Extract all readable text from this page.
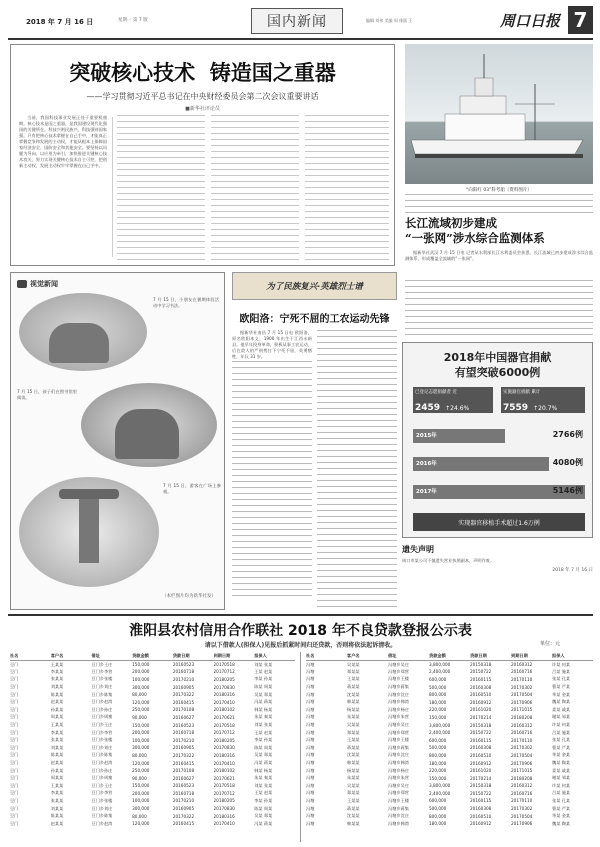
2018 年 7 月 16 日	星期一 第 7 版	国内新闻	编辑 刘伟 美编 周 排版 王	周口日报 7
突破核心技术  铸造国之重器
——学习贯彻习近平总书记在中央财经委员会第二次会议重要讲话
■新华社评论员

当前，我国科技事业发展正处于重要机遇期。核心技术是国之重器，是我国建设现代化强国的关键所在。科技兴则民族兴，科技强则国家强。只有把核心技术掌握在自己手中，才能真正掌握竞争和发展的主动权，才能从根本上保障国家经济安全、国防安全和其他安全。要坚持以问题为导向，以应用为牵引，加快推进关键核心技术攻关，努力实现关键核心技术自主可控，把创新主动权、发展主动权牢牢掌握在自己手中。

“向阳红 03”科考船（资料图片）
长江流域初步建成
“一张网”涉水综合监测体系

据新华社武汉 7 月 15 日电 记者从水利部长江水利委员会获悉，长江流域已初步建成涉水综合监测体系，形成覆盖全流域的“一张网”。

视觉新闻
7 月 15 日，小朋友在暑期体验活动中学习书法。
7 月 15 日，孩子们在图书馆里阅读。
7 月 15 日，游客在广场上参观。
（本栏图片均为新华社发）
为了民族复兴·英雄烈士谱
欧阳洛：宁死不屈的工农运动先锋

据新华社南昌 7 月 15 日电 欧阳洛，原名欧阳本义，1900 年出生于江西永新县。他早年投身革命，积极从事工农运动，后在敌人的严刑拷打下宁死不屈，英勇牺牲，年仅 31 岁。	2018年中国器官捐献
有望突破6000例
已登记志愿捐献者 近
2459 ↑24.6%
实施器官捐献 累计
7559 ↑20.7%
2015年	2766例
2016年	4080例
2017年	5146例
实现器官移植手术超过1.6万例
遗失声明
周口市某公司不慎遗失营业执照副本，声明作废。
2018 年 7 月 16 日
淮阳县农村信用合作联社 2018 年不良贷款登报公示表
请以下借款人(担保人)见报后抓紧时间归还贷款，否则将依法起诉清收。	单位：元
社名	客户名	借址	贷款金额	贷款日期	到期日期	担保人
豆门	王某某	豆门乡王庄	150,000	20160523	20170518	刘某 张某
豆门	李某某	豆门乡李营	200,000	20160718	20170712	王某 赵某
豆门	张某某	豆门乡张楼	100,000	20170210	20180205	李某 孙某
豆门	刘某某	豆门乡刘庄	300,000	20160905	20170830	陈某 周某
豆门	陈某某	豆门乡陈集	80,000	20170322	20180316	吴某 郑某
豆门	赵某某	豆门乡赵湾	120,000	20160415	20170410	冯某 蒋某
豆门	孙某某	豆门乡孙庄	250,000	20170108	20180102	韩某 杨某
豆门	周某某	豆门乡周寨	90,000	20160627	20170621	朱某 秦某
豆门	王某某	豆门乡王庄	150,000	20160523	20170518	刘某 张某
豆门	李某某	豆门乡李营	200,000	20160718	20170712	王某 赵某
豆门	张某某	豆门乡张楼	100,000	20170210	20180205	李某 孙某
豆门	刘某某	豆门乡刘庄	300,000	20160905	20170830	陈某 周某
豆门	陈某某	豆门乡陈集	80,000	20170322	20180316	吴某 郑某
豆门	赵某某	豆门乡赵湾	120,000	20160415	20170410	冯某 蒋某
豆门	孙某某	豆门乡孙庄	250,000	20170108	20180102	韩某 杨某
豆门	周某某	豆门乡周寨	90,000	20160627	20170621	朱某 秦某
豆门	王某某	豆门乡王庄	150,000	20160523	20170518	刘某 张某
豆门	李某某	豆门乡李营	200,000	20160718	20170712	王某 赵某
豆门	张某某	豆门乡张楼	100,000	20170210	20180205	李某 孙某
豆门	刘某某	豆门乡刘庄	300,000	20160905	20170830	陈某 周某
豆门	陈某某	豆门乡陈集	80,000	20170322	20180316	吴某 郑某
豆门	赵某某	豆门乡赵湾	120,000	20160415	20170410	冯某 蒋某
社名	客户名	借址	贷款金额	贷款日期	到期日期	担保人
冯塘	吴某某	冯塘乡吴庄	3,800,000	20150318	20160312	许某 何某
冯塘	郑某某	冯塘乡郑营	2,400,000	20150722	20160716	吕某 施某
冯塘	王某某	冯塘乡王楼	600,000	20160115	20170110	张某 孔某
冯塘	蒋某某	冯塘乡蒋集	500,000	20160308	20170302	曹某 严某
冯塘	沈某某	冯塘乡沈庄	800,000	20160510	20170504	华某 金某
冯塘	韩某某	冯塘乡韩湾	180,000	20160912	20170906	魏某 陶某
冯塘	杨某某	冯塘乡杨庄	220,000	20161020	20171015	姜某 戚某
冯塘	朱某某	冯塘乡朱营	150,000	20170214	20180208	谢某 邹某
冯塘	吴某某	冯塘乡吴庄	3,800,000	20150318	20160312	许某 何某
冯塘	郑某某	冯塘乡郑营	2,400,000	20150722	20160716	吕某 施某
冯塘	王某某	冯塘乡王楼	600,000	20160115	20170110	张某 孔某
冯塘	蒋某某	冯塘乡蒋集	500,000	20160308	20170302	曹某 严某
冯塘	沈某某	冯塘乡沈庄	800,000	20160510	20170504	华某 金某
冯塘	韩某某	冯塘乡韩湾	180,000	20160912	20170906	魏某 陶某
冯塘	杨某某	冯塘乡杨庄	220,000	20161020	20171015	姜某 戚某
冯塘	朱某某	冯塘乡朱营	150,000	20170214	20180208	谢某 邹某
冯塘	吴某某	冯塘乡吴庄	3,800,000	20150318	20160312	许某 何某
冯塘	郑某某	冯塘乡郑营	2,400,000	20150722	20160716	吕某 施某
冯塘	王某某	冯塘乡王楼	600,000	20160115	20170110	张某 孔某
冯塘	蒋某某	冯塘乡蒋集	500,000	20160308	20170302	曹某 严某
冯塘	沈某某	冯塘乡沈庄	800,000	20160510	20170504	华某 金某
冯塘	韩某某	冯塘乡韩湾	180,000	20160912	20170906	魏某 陶某
